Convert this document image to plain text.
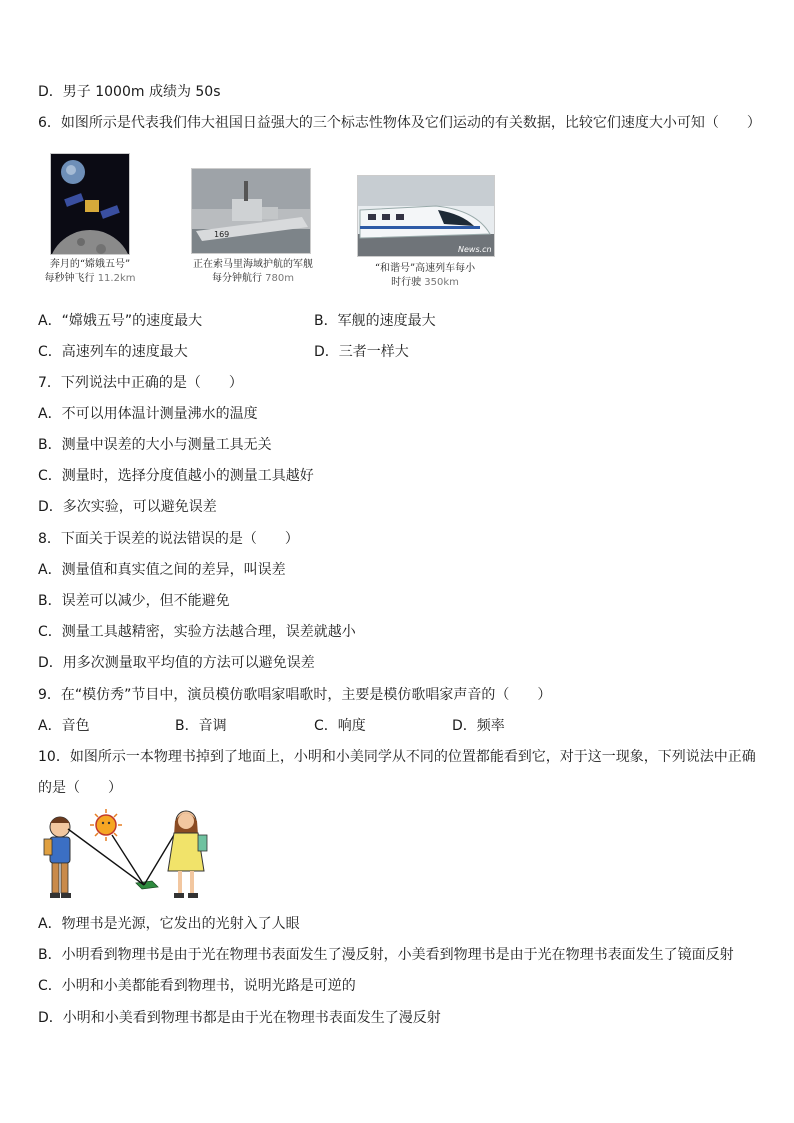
D．男子 1000m 成绩为 50s
6．如图所示是代表我们伟大祖国日益强大的三个标志性物体及它们运动的有关数据，比较它们速度大小可知（　　）
奔月的“嫦娥五号”
每秒钟飞行 11.2km
169
正在索马里海域护航的军舰
每分钟航行 780m
News.cn
“和谐号”高速列车每小
时行驶 350km
A．“嫦娥五号”的速度最大	B．军舰的速度最大
C．高速列车的速度最大	D．三者一样大
7．下列说法中正确的是（　　）
A．不可以用体温计测量沸水的温度
B．测量中误差的大小与测量工具无关
C．测量时，选择分度值越小的测量工具越好
D．多次实验，可以避免误差
8．下面关于误差的说法错误的是（　　）
A．测量值和真实值之间的差异，叫误差
B．误差可以减少，但不能避免
C．测量工具越精密，实验方法越合理，误差就越小
D．用多次测量取平均值的方法可以避免误差
9．在“模仿秀”节目中，演员模仿歌唱家唱歌时，主要是模仿歌唱家声音的（　　）
A．音色	B．音调	C．响度	D．频率
10．如图所示一本物理书掉到了地面上，小明和小美同学从不同的位置都能看到它，对于这一现象，下列说法中正确
的是（　　）
A．物理书是光源，它发出的光射入了人眼
B．小明看到物理书是由于光在物理书表面发生了漫反射，小美看到物理书是由于光在物理书表面发生了镜面反射
C．小明和小美都能看到物理书，说明光路是可逆的
D．小明和小美看到物理书都是由于光在物理书表面发生了漫反射
